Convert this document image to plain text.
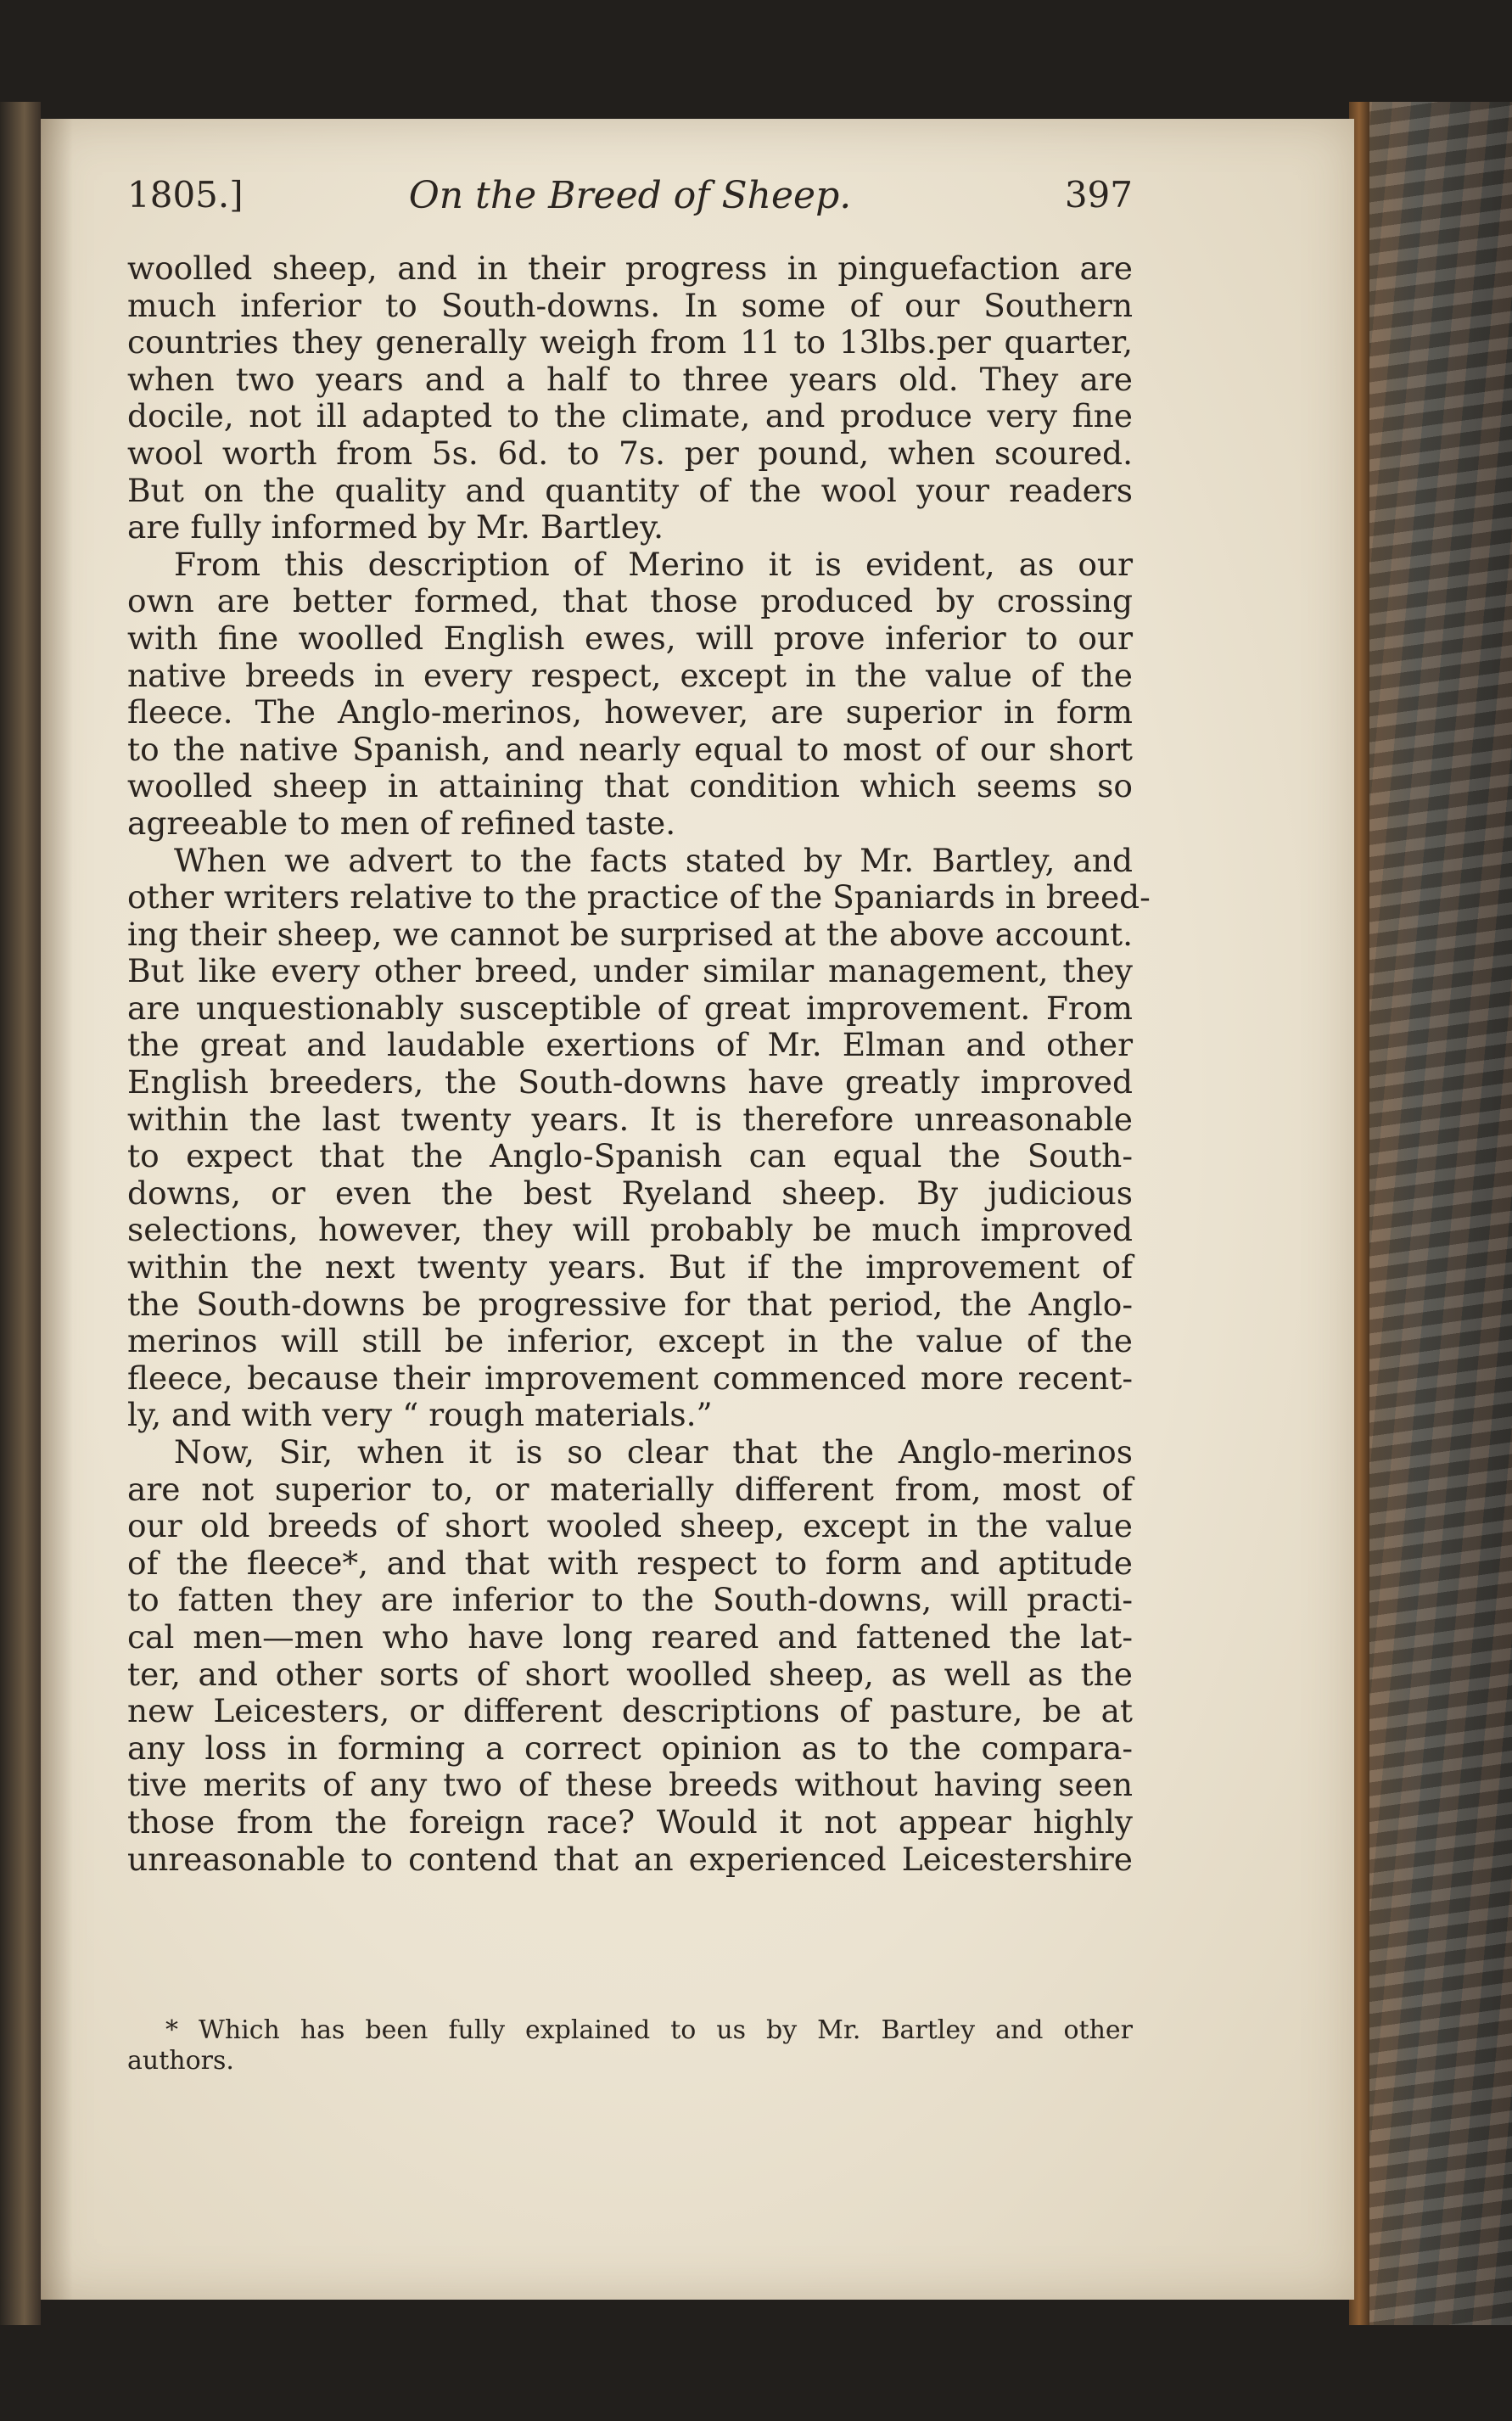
1805.]	On the Breed of Sheep.	397
woolled sheep, and in their progress in pinguefaction are
much inferior to South-downs. In some of our Southern
countries they generally weigh from 11 to 13lbs.per quarter,
when two years and a half to three years old. They are
docile, not ill adapted to the climate, and produce very fine
wool worth from 5s. 6d. to 7s. per pound, when scoured.
But on the quality and quantity of the wool your readers
are fully informed by Mr. Bartley.
From this description of Merino it is evident, as our
own are better formed, that those produced by crossing
with fine woolled English ewes, will prove inferior to our
native breeds in every respect, except in the value of the
fleece. The Anglo-merinos, however, are superior in form
to the native Spanish, and nearly equal to most of our short
woolled sheep in attaining that condition which seems so
agreeable to men of refined taste.
When we advert to the facts stated by Mr. Bartley, and
other writers relative to the practice of the Spaniards in breed-
ing their sheep, we cannot be surprised at the above account.
But like every other breed, under similar management, they
are unquestionably susceptible of great improvement. From
the great and laudable exertions of Mr. Elman and other
English breeders, the South-downs have greatly improved
within the last twenty years. It is therefore unreasonable
to expect that the Anglo-Spanish can equal the South-
downs, or even the best Ryeland sheep. By judicious
selections, however, they will probably be much improved
within the next twenty years. But if the improvement of
the South-downs be progressive for that period, the Anglo-
merinos will still be inferior, except in the value of the
fleece, because their improvement commenced more recent-
ly, and with very “ rough materials.”
Now, Sir, when it is so clear that the Anglo-merinos
are not superior to, or materially different from, most of
our old breeds of short wooled sheep, except in the value
of the fleece*, and that with respect to form and aptitude
to fatten they are inferior to the South-downs, will practi-
cal men—men who have long reared and fattened the lat-
ter, and other sorts of short woolled sheep, as well as the
new Leicesters, or different descriptions of pasture, be at
any loss in forming a correct opinion as to the compara-
tive merits of any two of these breeds without having seen
those from the foreign race? Would it not appear highly
unreasonable to contend that an experienced Leicestershire
* Which has been fully explained to us by Mr. Bartley and other
authors.
